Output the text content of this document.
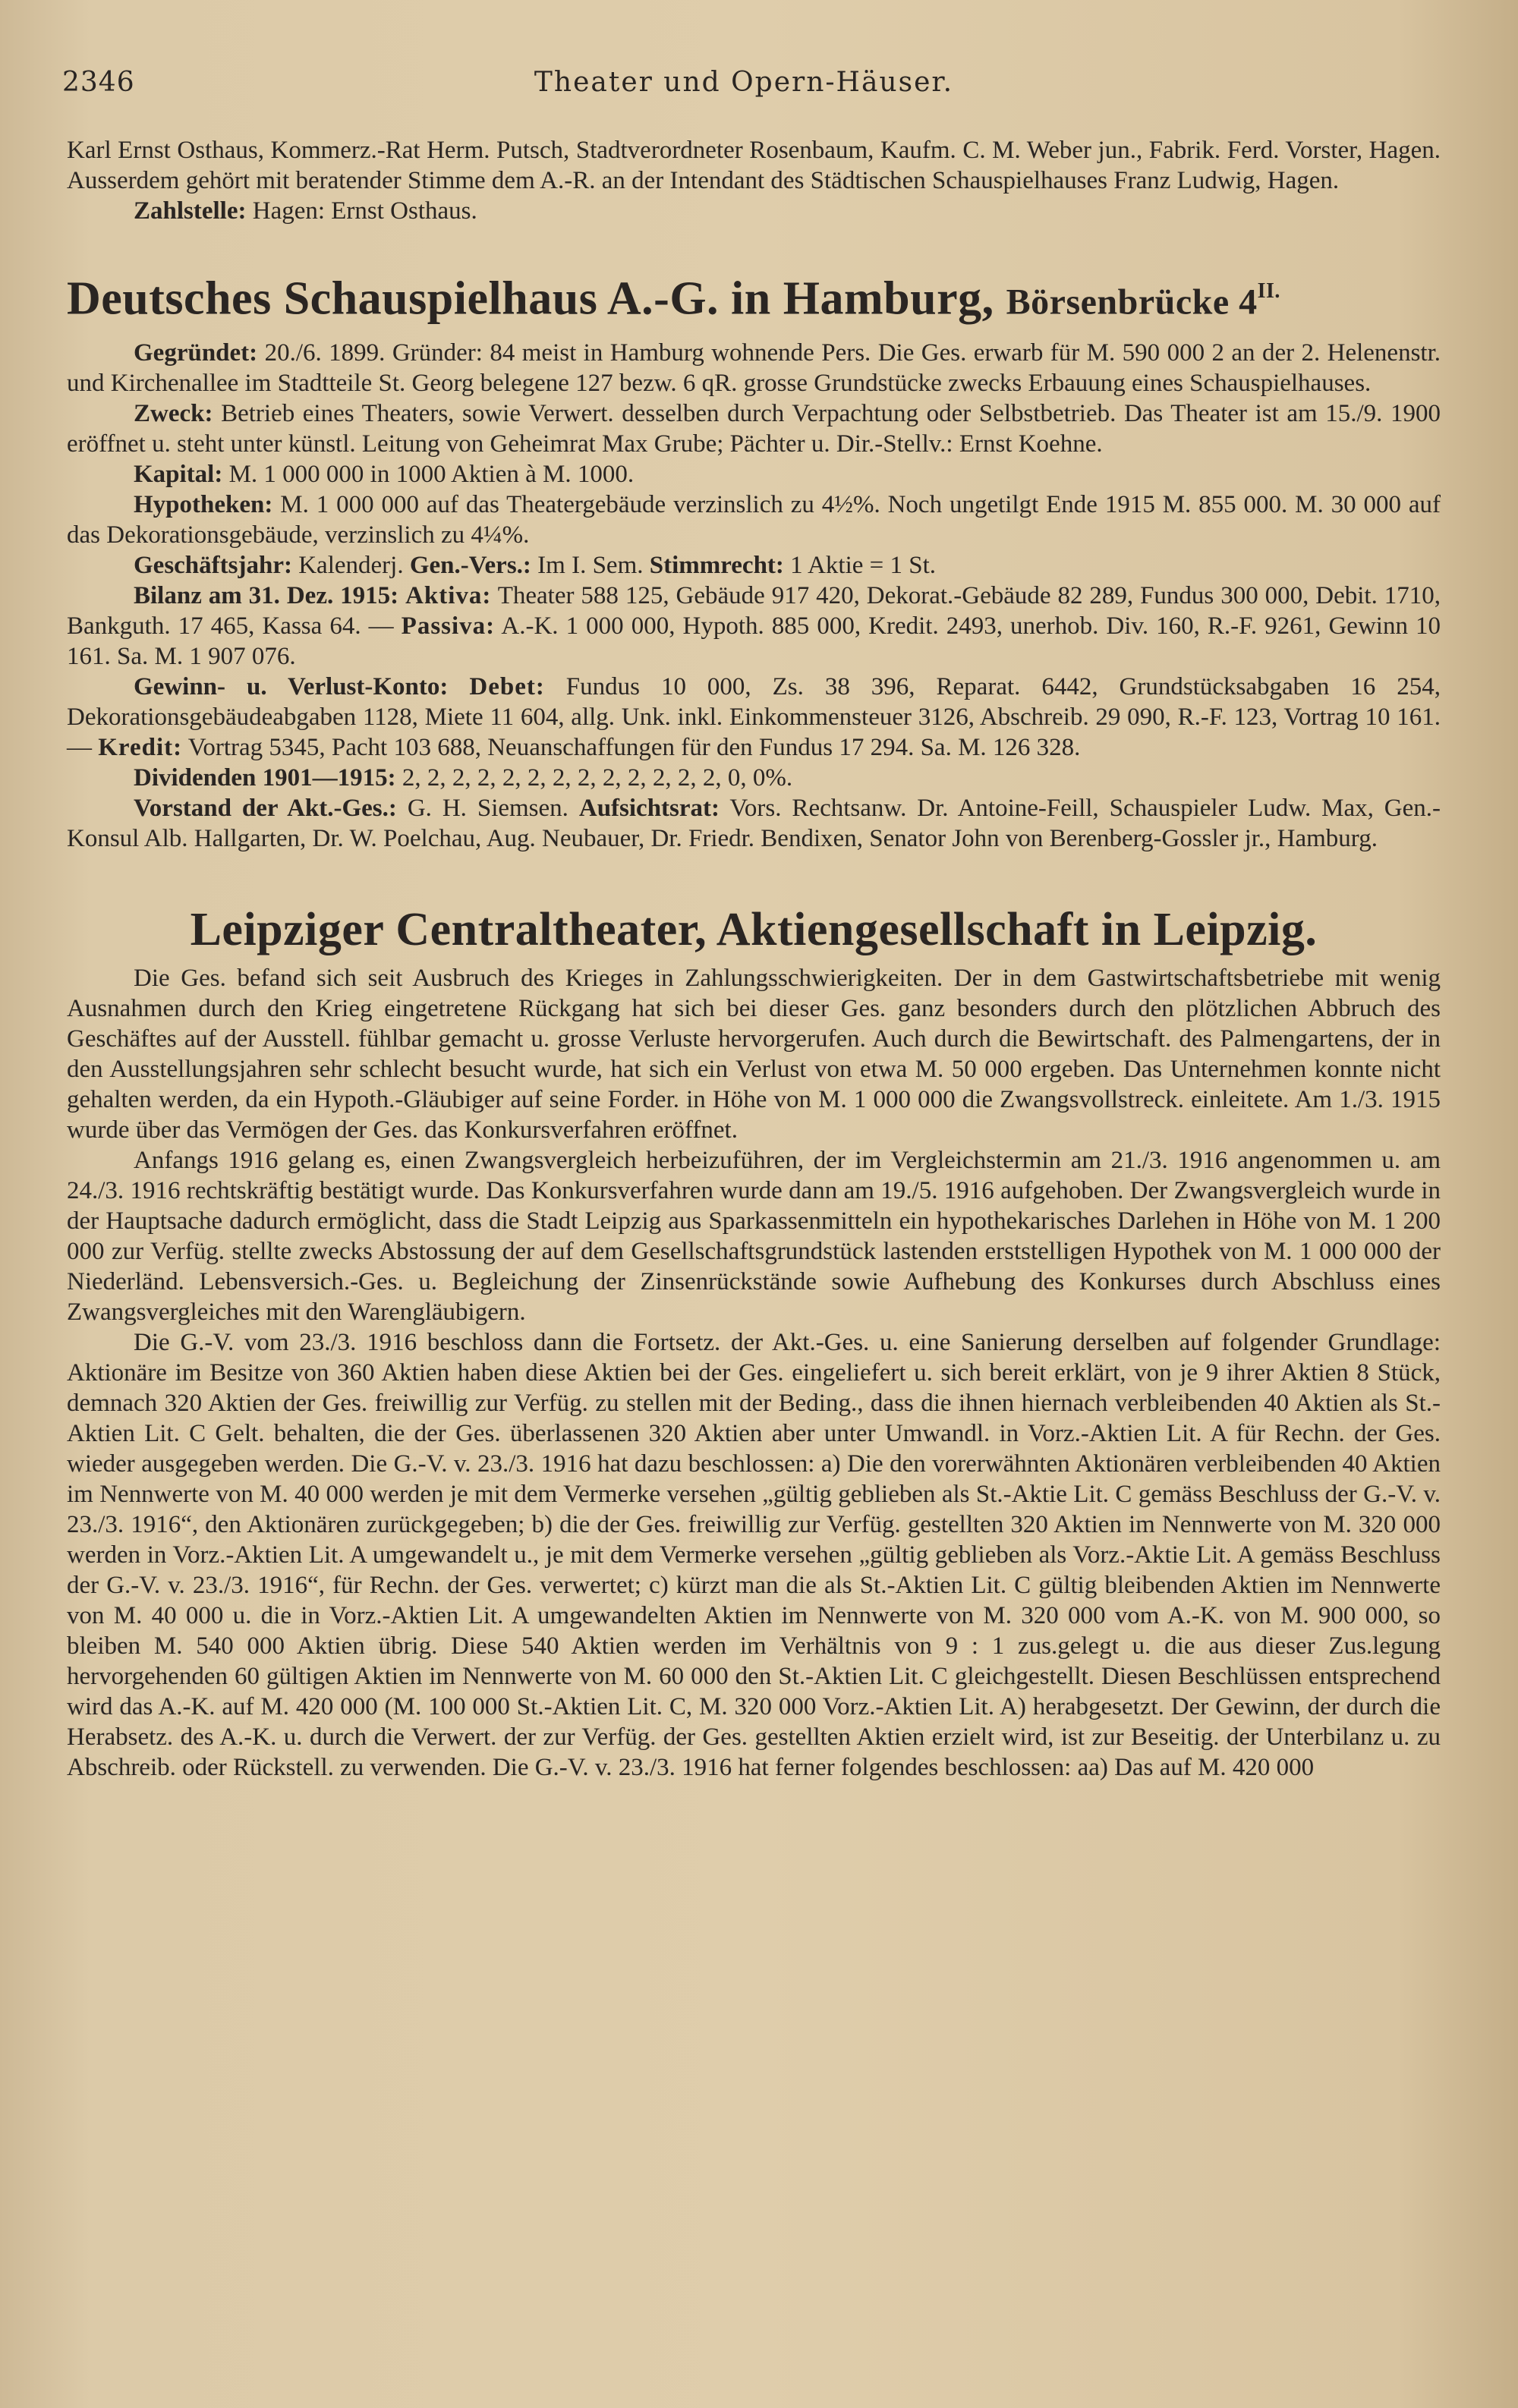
2346	Theater und Opern-Häuser.

Karl Ernst Osthaus, Kommerz.-Rat Herm. Putsch, Stadtverordneter Rosenbaum, Kaufm. C. M. Weber jun., Fabrik. Ferd. Vorster, Hagen. Ausserdem gehört mit beratender Stimme dem A.-R. an der Intendant des Städtischen Schauspielhauses Franz Ludwig, Hagen.

Zahlstelle: Hagen: Ernst Osthaus.

Deutsches Schauspielhaus A.-G. in Hamburg, Börsenbrücke $4^{II.}$

Gegründet: 20./6. 1899. Gründer: 84 meist in Hamburg wohnende Pers. Die Ges. erwarb für M. 590 000 2 an der 2. Helenenstr. und Kirchenallee im Stadtteile St. Georg belegene 127 bezw. 6 qR. grosse Grundstücke zwecks Erbauung eines Schauspielhauses.

Zweck: Betrieb eines Theaters, sowie Verwert. desselben durch Verpachtung oder Selbstbetrieb. Das Theater ist am 15./9. 1900 eröffnet u. steht unter künstl. Leitung von Geheimrat Max Grube; Pächter u. Dir.-Stellv.: Ernst Koehne.

Kapital: M. 1 000 000 in 1000 Aktien à M. 1000.

Hypotheken: M. 1 000 000 auf das Theatergebäude verzinslich zu 4½%. Noch ungetilgt Ende 1915 M. 855 000. M. 30 000 auf das Dekorationsgebäude, verzinslich zu 4¼%.

Geschäftsjahr: Kalenderj. Gen.-Vers.: Im I. Sem. Stimmrecht: 1 Aktie = 1 St.

Bilanz am 31. Dez. 1915: Aktiva: Theater 588 125, Gebäude 917 420, Dekorat.-Gebäude 82 289, Fundus 300 000, Debit. 1710, Bankguth. 17 465, Kassa 64. — Passiva: A.-K. 1 000 000, Hypoth. 885 000, Kredit. 2493, unerhob. Div. 160, R.-F. 9261, Gewinn 10 161. Sa. M. 1 907 076.

Gewinn- u. Verlust-Konto: Debet: Fundus 10 000, Zs. 38 396, Reparat. 6442, Grundstücksabgaben 16 254, Dekorationsgebäudeabgaben 1128, Miete 11 604, allg. Unk. inkl. Einkommensteuer 3126, Abschreib. 29 090, R.-F. 123, Vortrag 10 161. — Kredit: Vortrag 5345, Pacht 103 688, Neuanschaffungen für den Fundus 17 294. Sa. M. 126 328.

Dividenden 1901—1915: 2, 2, 2, 2, 2, 2, 2, 2, 2, 2, 2, 2, 2, 0, 0%.

Vorstand der Akt.-Ges.: G. H. Siemsen. Aufsichtsrat: Vors. Rechtsanw. Dr. Antoine-Feill, Schauspieler Ludw. Max, Gen.-Konsul Alb. Hallgarten, Dr. W. Poelchau, Aug. Neubauer, Dr. Friedr. Bendixen, Senator John von Berenberg-Gossler jr., Hamburg.

Leipziger Centraltheater, Aktiengesellschaft in Leipzig.

Die Ges. befand sich seit Ausbruch des Krieges in Zahlungsschwierigkeiten. Der in dem Gastwirtschaftsbetriebe mit wenig Ausnahmen durch den Krieg eingetretene Rückgang hat sich bei dieser Ges. ganz besonders durch den plötzlichen Abbruch des Geschäftes auf der Ausstell. fühlbar gemacht u. grosse Verluste hervorgerufen. Auch durch die Bewirtschaft. des Palmengartens, der in den Ausstellungsjahren sehr schlecht besucht wurde, hat sich ein Verlust von etwa M. 50 000 ergeben. Das Unternehmen konnte nicht gehalten werden, da ein Hypoth.-Gläubiger auf seine Forder. in Höhe von M. 1 000 000 die Zwangsvollstreck. einleitete. Am 1./3. 1915 wurde über das Vermögen der Ges. das Konkursverfahren eröffnet.

Anfangs 1916 gelang es, einen Zwangsvergleich herbeizuführen, der im Vergleichstermin am 21./3. 1916 angenommen u. am 24./3. 1916 rechtskräftig bestätigt wurde. Das Konkursverfahren wurde dann am 19./5. 1916 aufgehoben. Der Zwangsvergleich wurde in der Hauptsache dadurch ermöglicht, dass die Stadt Leipzig aus Sparkassenmitteln ein hypothekarisches Darlehen in Höhe von M. 1 200 000 zur Verfüg. stellte zwecks Abstossung der auf dem Gesellschaftsgrundstück lastenden erststelligen Hypothek von M. 1 000 000 der Niederländ. Lebensversich.-Ges. u. Begleichung der Zinsenrückstände sowie Aufhebung des Konkurses durch Abschluss eines Zwangsvergleiches mit den Warengläubigern.

Die G.-V. vom 23./3. 1916 beschloss dann die Fortsetz. der Akt.-Ges. u. eine Sanierung derselben auf folgender Grundlage: Aktionäre im Besitze von 360 Aktien haben diese Aktien bei der Ges. eingeliefert u. sich bereit erklärt, von je 9 ihrer Aktien 8 Stück, demnach 320 Aktien der Ges. freiwillig zur Verfüg. zu stellen mit der Beding., dass die ihnen hiernach verbleibenden 40 Aktien als St.-Aktien Lit. C Gelt. behalten, die der Ges. überlassenen 320 Aktien aber unter Umwandl. in Vorz.-Aktien Lit. A für Rechn. der Ges. wieder ausgegeben werden. Die G.-V. v. 23./3. 1916 hat dazu beschlossen: a) Die den vorerwähnten Aktionären verbleibenden 40 Aktien im Nennwerte von M. 40 000 werden je mit dem Vermerke versehen „gültig geblieben als St.-Aktie Lit. C gemäss Beschluss der G.-V. v. 23./3. 1916“, den Aktionären zurückgegeben; b) die der Ges. freiwillig zur Verfüg. gestellten 320 Aktien im Nennwerte von M. 320 000 werden in Vorz.-Aktien Lit. A umgewandelt u., je mit dem Vermerke versehen „gültig geblieben als Vorz.-Aktie Lit. A gemäss Beschluss der G.-V. v. 23./3. 1916“, für Rechn. der Ges. verwertet; c) kürzt man die als St.-Aktien Lit. C gültig bleibenden Aktien im Nennwerte von M. 40 000 u. die in Vorz.-Aktien Lit. A umgewandelten Aktien im Nennwerte von M. 320 000 vom A.-K. von M. 900 000, so bleiben M. 540 000 Aktien übrig. Diese 540 Aktien werden im Verhältnis von 9 : 1 zus.gelegt u. die aus dieser Zus.legung hervorgehenden 60 gültigen Aktien im Nennwerte von M. 60 000 den St.-Aktien Lit. C gleichgestellt. Diesen Beschlüssen entsprechend wird das A.-K. auf M. 420 000 (M. 100 000 St.-Aktien Lit. C, M. 320 000 Vorz.-Aktien Lit. A) herabgesetzt. Der Gewinn, der durch die Herabsetz. des A.-K. u. durch die Verwert. der zur Verfüg. der Ges. gestellten Aktien erzielt wird, ist zur Beseitig. der Unterbilanz u. zu Abschreib. oder Rückstell. zu verwenden. Die G.-V. v. 23./3. 1916 hat ferner folgendes beschlossen: aa) Das auf M. 420 000
